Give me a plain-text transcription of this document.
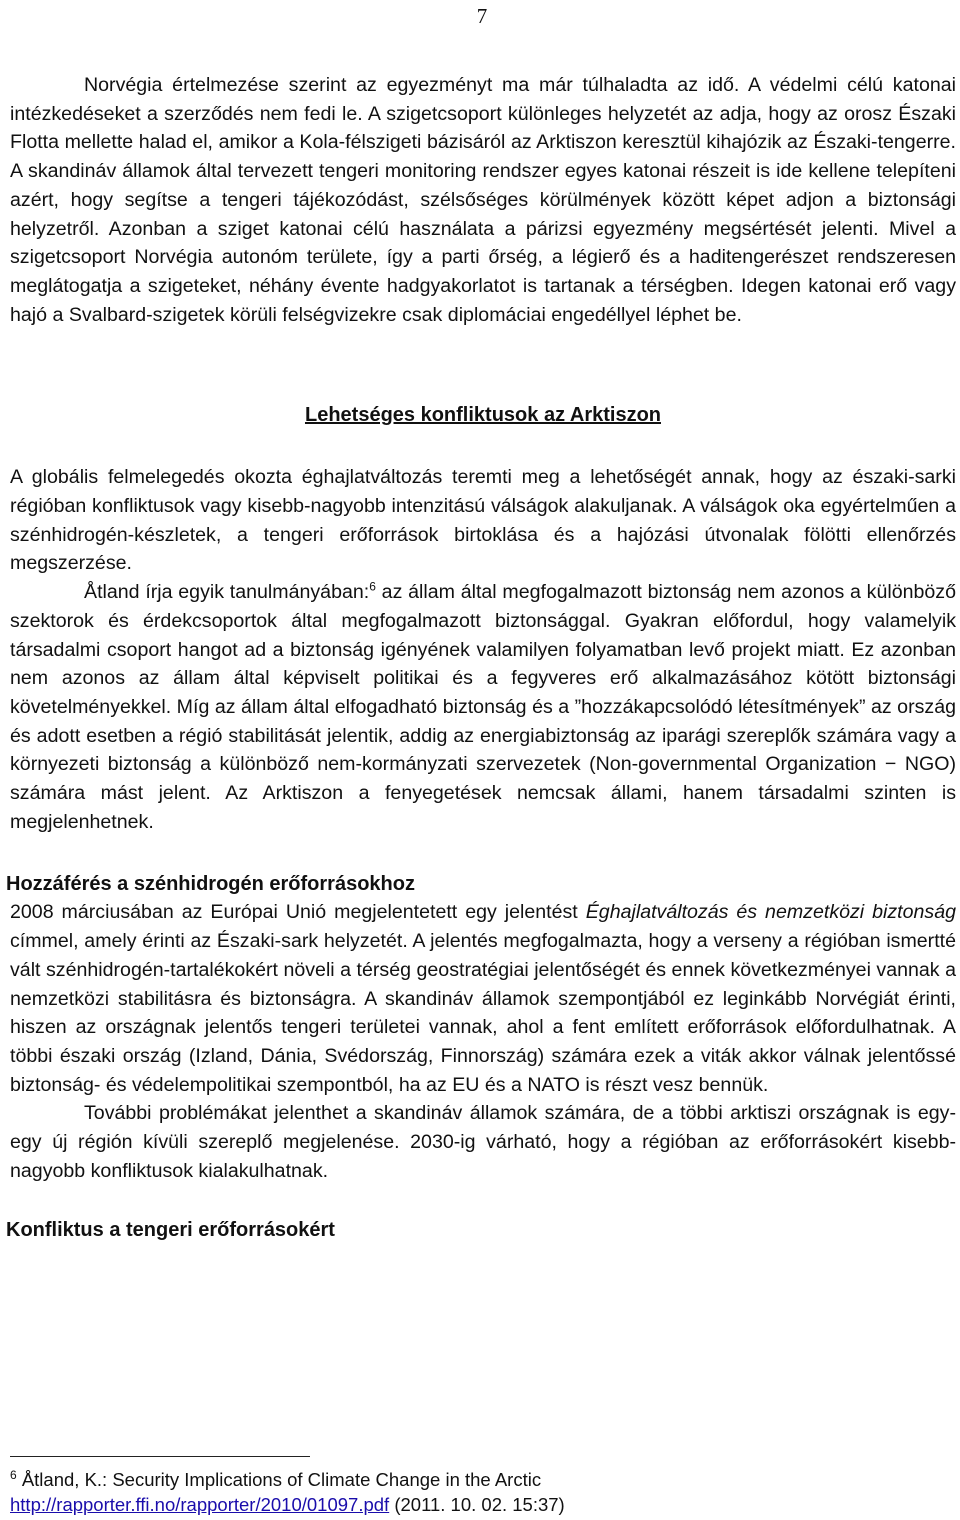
7

Norvégia értelmezése szerint az egyezményt ma már túlhaladta az idő. A védelmi célú katonai intézkedéseket a szerződés nem fedi le. A szigetcsoport különleges helyzetét az adja, hogy az orosz Északi Flotta mellette halad el, amikor a Kola-félszigeti bázisáról az Arktiszon keresztül kihajózik az Északi-tengerre. A skandináv államok által tervezett tengeri monitoring rendszer egyes katonai részeit is ide kellene telepíteni azért, hogy segítse a tengeri tájékozódást, szélsőséges körülmények között képet adjon a biztonsági helyzetről. Azonban a sziget katonai célú használata a párizsi egyezmény megsértését jelenti. Mivel a szigetcsoport Norvégia autonóm területe, így a parti őrség, a légierő és a haditengerészet rendszeresen meglátogatja a szigeteket, néhány évente hadgyakorlatot is tartanak a térségben. Idegen katonai erő vagy hajó a Svalbard-szigetek körüli felségvizekre csak diplomáciai engedéllyel léphet be.

Lehetséges konfliktusok az Arktiszon

A globális felmelegedés okozta éghajlatváltozás teremti meg a lehetőségét annak, hogy az északi-sarki régióban konfliktusok vagy kisebb-nagyobb intenzitású válságok alakuljanak. A válságok oka egyértelműen a szénhidrogén-készletek, a tengeri erőforrások birtoklása és a hajózási útvonalak fölötti ellenőrzés megszerzése.

Åtland írja egyik tanulmányában:$^6$ az állam által megfogalmazott biztonság nem azonos a különböző szektorok és érdekcsoportok által megfogalmazott biztonsággal. Gyakran előfordul, hogy valamelyik társadalmi csoport hangot ad a biztonság igényének valamilyen folyamatban levő projekt miatt. Ez azonban nem azonos az állam által képviselt politikai és a fegyveres erő alkalmazásához kötött biztonsági követelményekkel. Míg az állam által elfogadható biztonság és a ”hozzákapcsolódó létesítmények” az ország és adott esetben a régió stabilitását jelentik, addig az energiabiztonság az iparági szereplők számára vagy a környezeti biztonság a különböző nem-kormányzati szervezetek (Non-governmental Organization − NGO) számára mást jelent. Az Arktiszon a fenyegetések nemcsak állami, hanem társadalmi szinten is megjelenhetnek.

Hozzáférés a szénhidrogén erőforrásokhoz

2008 márciusában az Európai Unió megjelentetett egy jelentést Éghajlatváltozás és nemzetközi biztonság címmel, amely érinti az Északi-sark helyzetét. A jelentés megfogalmazta, hogy a verseny a régióban ismertté vált szénhidrogén-tartalékokért növeli a térség geostratégiai jelentőségét és ennek következményei vannak a nemzetközi stabilitásra és biztonságra. A skandináv államok szempontjából ez leginkább Norvégiát érinti, hiszen az országnak jelentős tengeri területei vannak, ahol a fent említett erőforrások előfordulhatnak. A többi északi ország (Izland, Dánia, Svédország, Finnország) számára ezek a viták akkor válnak jelentőssé biztonság- és védelempolitikai szempontból, ha az EU és a NATO is részt vesz bennük.

További problémákat jelenthet a skandináv államok számára, de a többi arktiszi országnak is egy-egy új régión kívüli szereplő megjelenése. 2030-ig várható, hogy a régióban az erőforrásokért kisebb-nagyobb konfliktusok kialakulhatnak.

Konfliktus a tengeri erőforrásokért
$^6$ Åtland, K.: Security Implications of Climate Change in the Arctic
http://rapporter.ffi.no/rapporter/2010/01097.pdf (2011. 10. 02. 15:37)
